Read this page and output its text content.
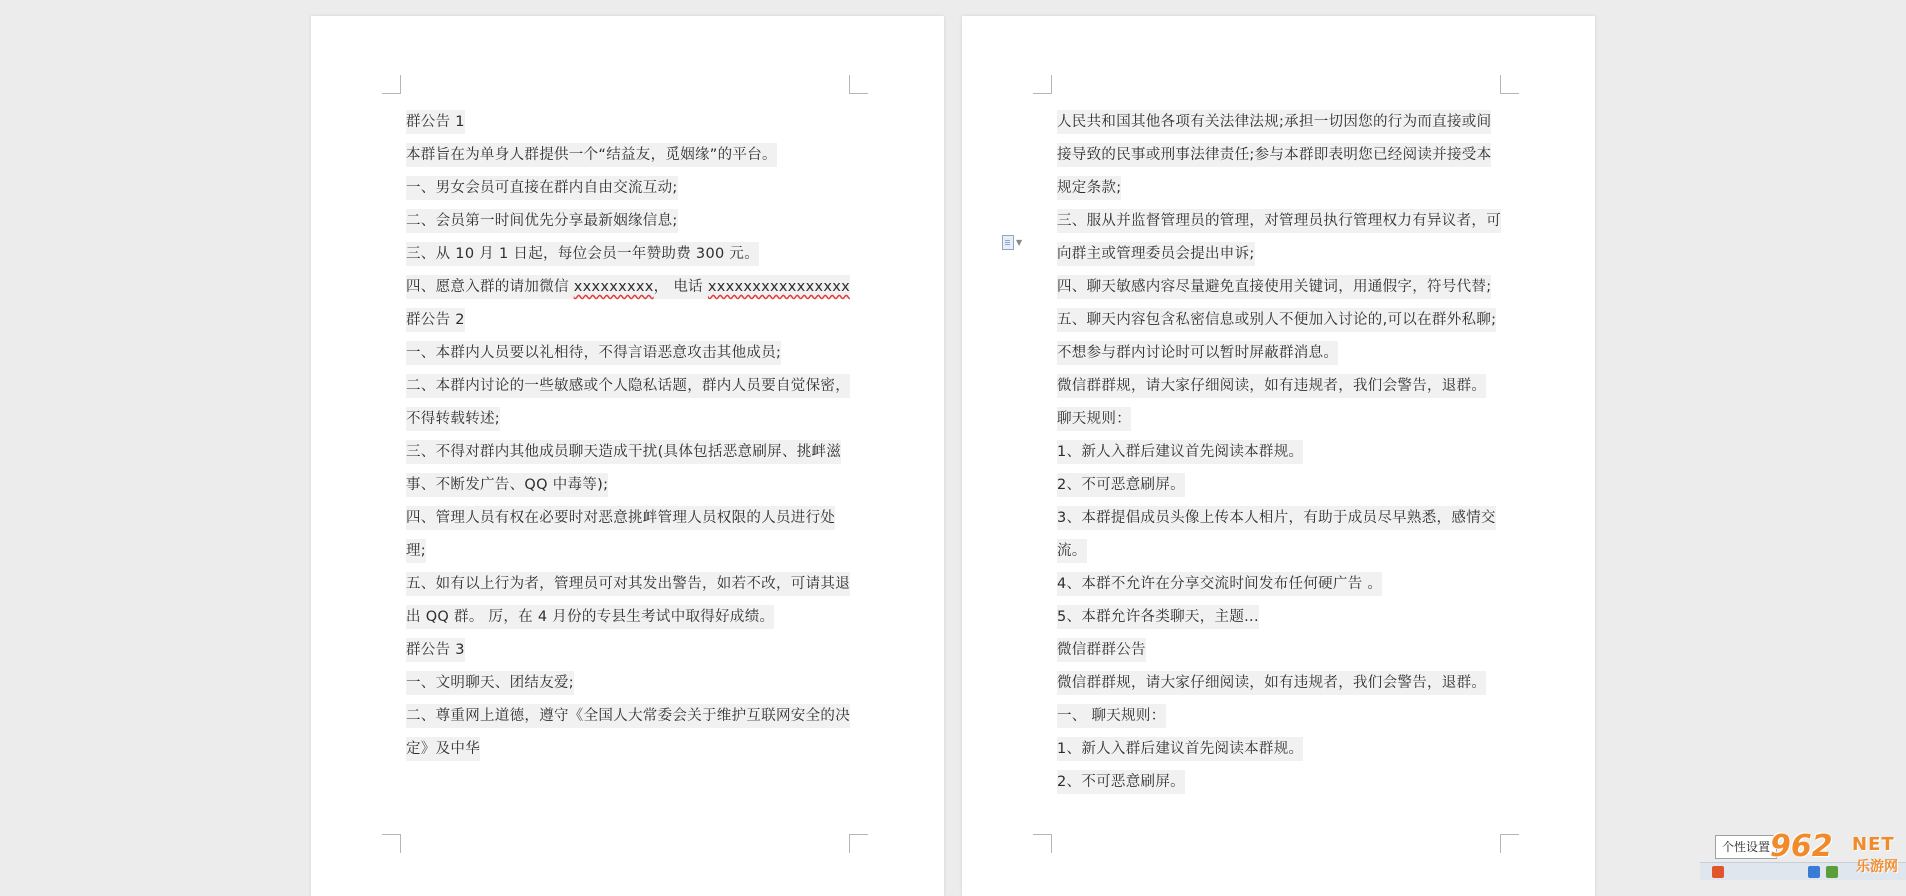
群公告 1
本群旨在为单身人群提供一个“结益友，觅姻缘”的平台。
一、男女会员可直接在群内自由交流互动;
二、会员第一时间优先分享最新姻缘信息;
三、从 10 月 1 日起，每位会员一年赞助费 300 元。
四、愿意入群的请加微信 xxxxxxxxx， 电话 xxxxxxxxxxxxxxxx
群公告 2
一、本群内人员要以礼相待，不得言语恶意攻击其他成员;
二、本群内讨论的一些敏感或个人隐私话题，群内人员要自觉保密，
不得转载转述;
三、不得对群内其他成员聊天造成干扰(具体包括恶意刷屏、挑衅滋
事、不断发广告、QQ 中毒等);
四、管理人员有权在必要时对恶意挑衅管理人员权限的人员进行处
理;
五、如有以上行为者，管理员可对其发出警告，如若不改，可请其退
出 QQ 群。 厉，在 4 月份的专县生考试中取得好成绩。
群公告 3
一、文明聊天、团结友爱;
二、尊重网上道德，遵守《全国人大常委会关于维护互联网安全的决
定》及中华
人民共和国其他各项有关法律法规;承担一切因您的行为而直接或间
接导致的民事或刑事法律责任;参与本群即表明您已经阅读并接受本
规定条款;
三、服从并监督管理员的管理，对管理员执行管理权力有异议者，可
向群主或管理委员会提出申诉;
四、聊天敏感内容尽量避免直接使用关键词，用通假字，符号代替;
五、聊天内容包含私密信息或别人不便加入讨论的,可以在群外私聊;
不想参与群内讨论时可以暂时屏蔽群消息。
微信群群规，请大家仔细阅读，如有违规者，我们会警告，退群。
聊天规则：
1、新人入群后建议首先阅读本群规。
2、不可恶意刷屏。
3、本群提倡成员头像上传本人相片，有助于成员尽早熟悉，感情交
流。
4、本群不允许在分享交流时间发布任何硬广告 。
5、本群允许各类聊天，主题...
微信群群公告
微信群群规，请大家仔细阅读，如有违规者，我们会警告，退群。
一、 聊天规则：
1、新人入群后建议首先阅读本群规。
2、不可恶意刷屏。
▼
个性设置 962 NET
乐游网
